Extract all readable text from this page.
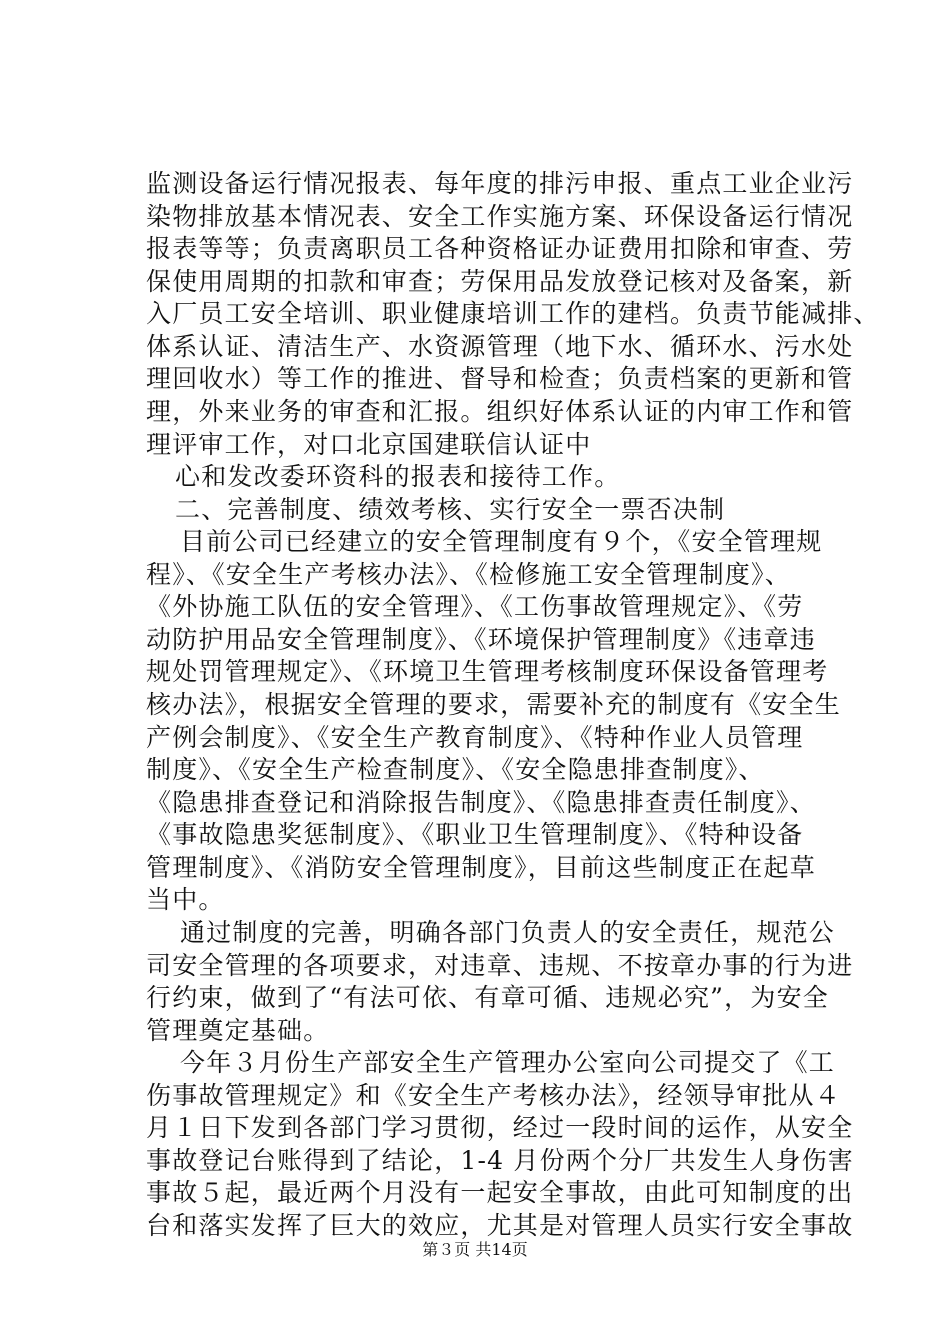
监测设备运行情况报表、每年度的排污申报、重点工业企业污
染物排放基本情况表、安全工作实施方案、环保设备运行情况
报表等等；负责离职员工各种资格证办证费用扣除和审查、劳
保使用周期的扣款和审查；劳保用品发放登记核对及备案，新
入厂员工安全培训、职业健康培训工作的建档。负责节能减排、
体系认证、清洁生产、水资源管理（地下水、循环水、污水处
理回收水）等工作的推进、督导和检查；负责档案的更新和管
理，外来业务的审查和汇报。组织好体系认证的内审工作和管
理评审工作，对口北京国建联信认证中
心和发改委环资科的报表和接待工作。
二、完善制度、绩效考核、实行安全一票否决制
目前公司已经建立的安全管理制度有９个，《安全管理规
程》、《安全生产考核办法》、《检修施工安全管理制度》、
《外协施工队伍的安全管理》、《工伤事故管理规定》、《劳
动防护用品安全管理制度》、《环境保护管理制度》《违章违
规处罚管理规定》、《环境卫生管理考核制度环保设备管理考
核办法》，根据安全管理的要求，需要补充的制度有《安全生
产例会制度》、《安全生产教育制度》、《特种作业人员管理
制度》、《安全生产检查制度》、《安全隐患排查制度》、
《隐患排查登记和消除报告制度》、《隐患排查责任制度》、
《事故隐患奖惩制度》、《职业卫生管理制度》、《特种设备
管理制度》、《消防安全管理制度》，目前这些制度正在起草
当中。
通过制度的完善，明确各部门负责人的安全责任，规范公
司安全管理的各项要求，对违章、违规、不按章办事的行为进
行约束，做到了“有法可依、有章可循、违规必究”，为安全
管理奠定基础。
今年３月份生产部安全生产管理办公室向公司提交了《工
伤事故管理规定》和《安全生产考核办法》，经领导审批从４
月１日下发到各部门学习贯彻，经过一段时间的运作，从安全
事故登记台账得到了结论，1-4 月份两个分厂共发生人身伤害
事故５起，最近两个月没有一起安全事故，由此可知制度的出
台和落实发挥了巨大的效应，尤其是对管理人员实行安全事故
第３页 共14页
